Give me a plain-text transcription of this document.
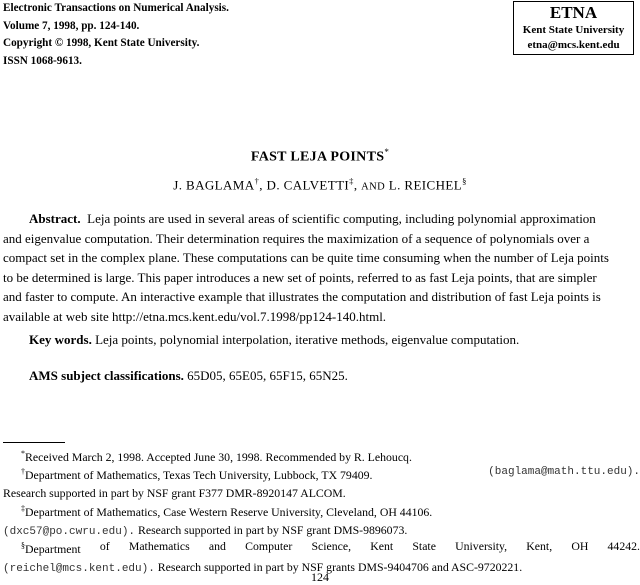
Electronic Transactions on Numerical Analysis.
Volume 7, 1998, pp. 124-140.
Copyright © 1998, Kent State University.
ISSN 1068-9613.
ETNA
Kent State University
etna@mcs.kent.edu
FAST LEJA POINTS*
J. BAGLAMA†, D. CALVETTI‡, AND L. REICHEL§
Abstract. Leja points are used in several areas of scientific computing, including polynomial approximation
and eigenvalue computation. Their determination requires the maximization of a sequence of polynomials over a
compact set in the complex plane. These computations can be quite time consuming when the number of Leja points
to be determined is large. This paper introduces a new set of points, referred to as fast Leja points, that are simpler
and faster to compute. An interactive example that illustrates the computation and distribution of fast Leja points is
available at web site http://etna.mcs.kent.edu/vol.7.1998/pp124-140.html.
Key words. Leja points, polynomial interpolation, iterative methods, eigenvalue computation.
AMS subject classifications. 65D05, 65E05, 65F15, 65N25.
*Received March 2, 1998. Accepted June 30, 1998. Recommended by R. Lehoucq.
†Department of Mathematics, Texas Tech University, Lubbock, TX 79409.	(baglama@math.ttu.edu).
Research supported in part by NSF grant F377 DMR-8920147 ALCOM.
‡Department of Mathematics, Case Western Reserve University, Cleveland, OH 44106.
(dxc57@po.cwru.edu). Research supported in part by NSF grant DMS-9896073.
§Department of Mathematics and Computer Science, Kent State University, Kent, OH 44242.
(reichel@mcs.kent.edu). Research supported in part by NSF grants DMS-9404706 and ASC-9720221.
124
